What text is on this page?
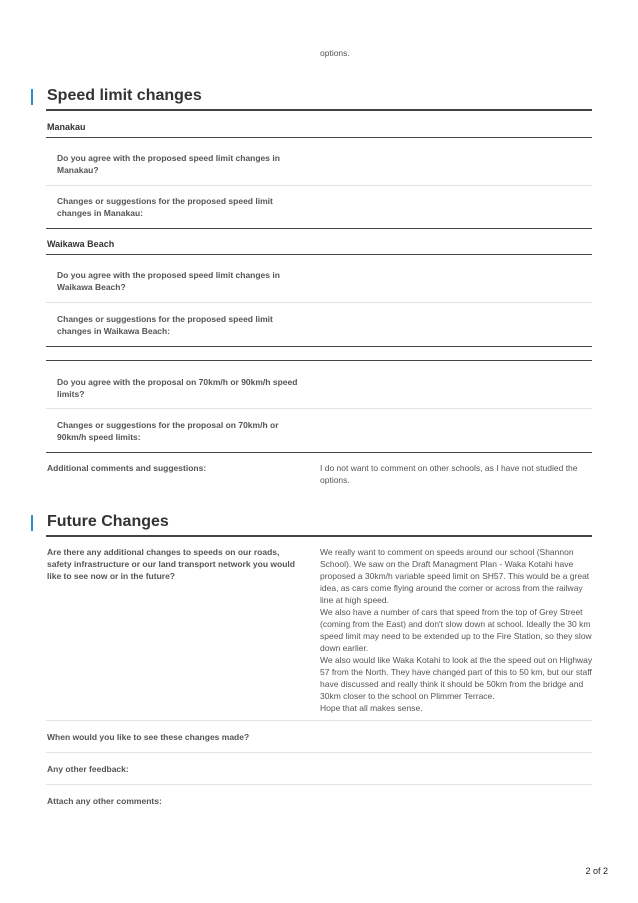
options.
Speed limit changes
Manakau
Do you agree with the proposed speed limit changes in Manakau?
Changes or suggestions for the proposed speed limit changes in Manakau:
Waikawa Beach
Do you agree with the proposed speed limit changes in Waikawa Beach?
Changes or suggestions for the proposed speed limit changes in Waikawa Beach:
Do you agree with the proposal on 70km/h or 90km/h speed limits?
Changes or suggestions for the proposal on 70km/h or 90km/h speed limits:
Additional comments and suggestions:	I do not want to comment on other schools, as I have not studied the options.
Future Changes
Are there any additional changes to speeds on our roads, safety infrastructure or our land transport network you would like to see now or in the future?
We really want to comment on speeds around our school (Shannon School). We saw on the Draft Managment Plan - Waka Kotahi have proposed a 30km/h variable speed limit on SH57. This would be a great idea, as cars come flying around the corner or across from the railway line at high speed.
We also have a number of cars that speed from the top of Grey Street (coming from the East) and don't slow down at school. Ideally the 30 km speed limit may need to be extended up to the Fire Station, so they slow down earlier.
We also would like Waka Kotahi to look at the the speed out on Highway 57 from the North. They have changed part of this to 50 km, but our staff have discussed and really think it should be 50km from the bridge and 30km closer to the school on Plimmer Terrace.
Hope that all makes sense.
When would you like to see these changes made?
Any other feedback:
Attach any other comments:
2 of 2
